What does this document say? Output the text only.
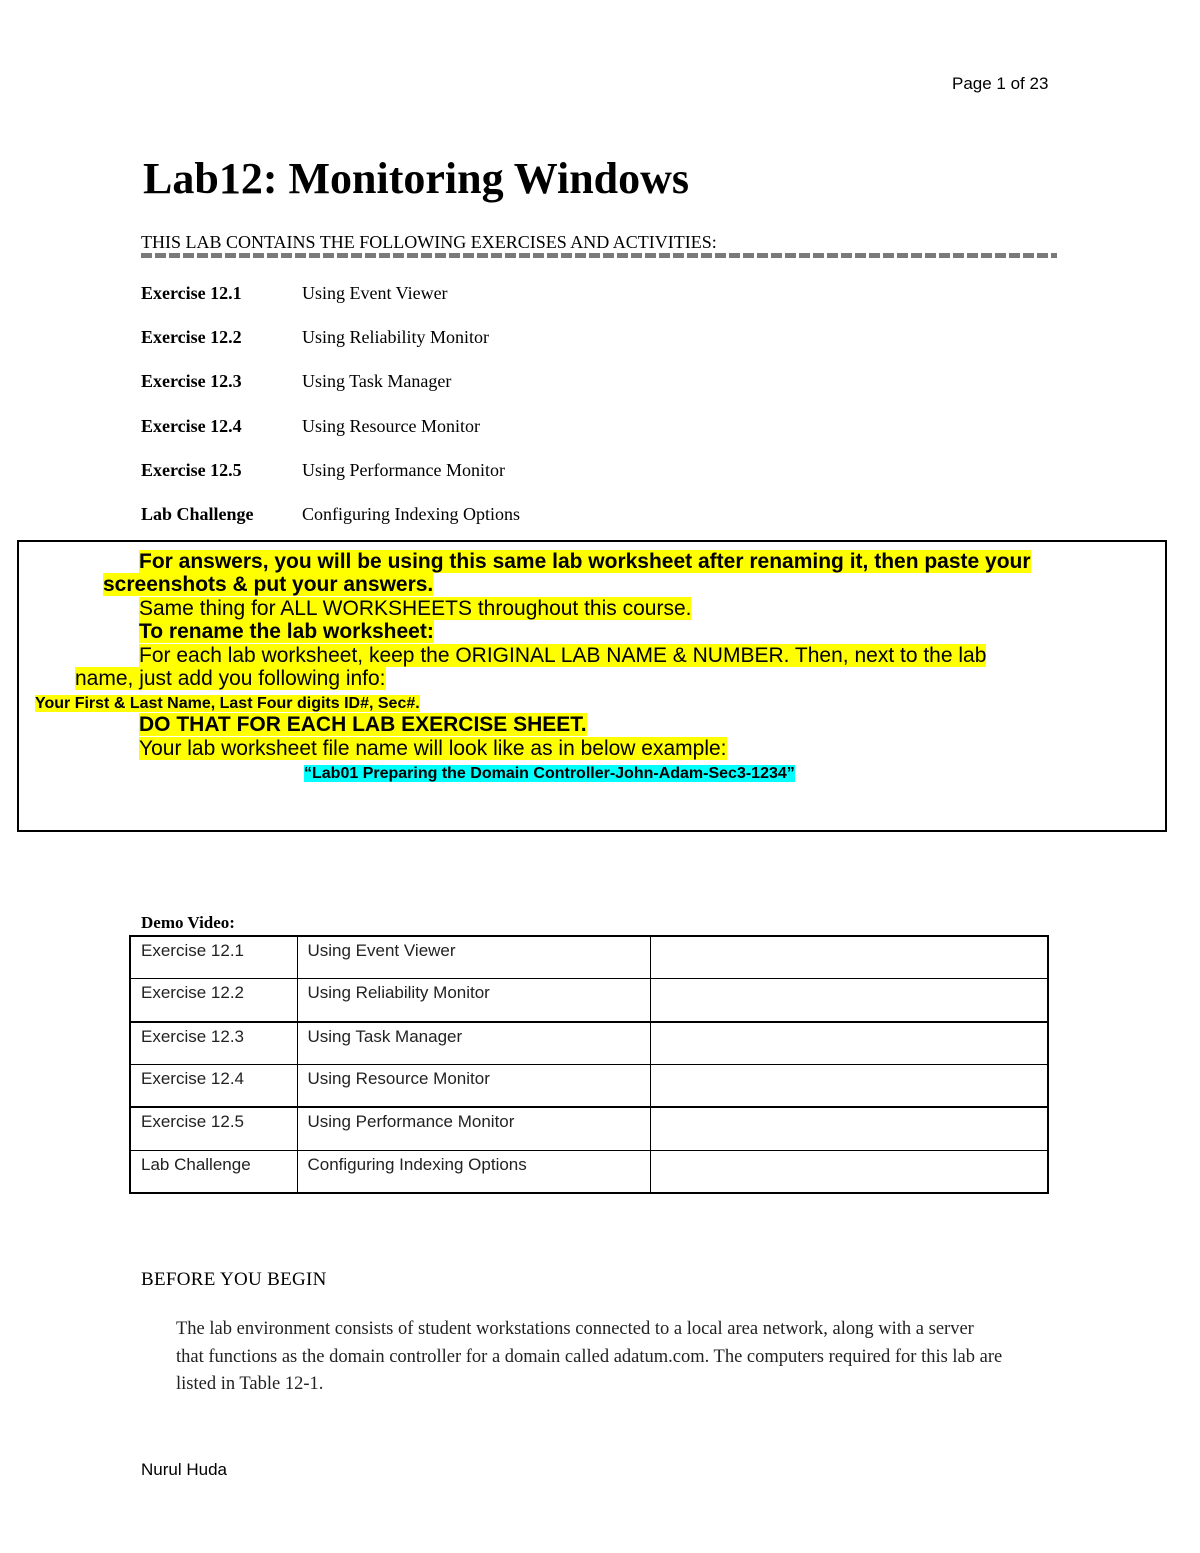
Page 1 of 23
Lab12: Monitoring Windows
THIS LAB CONTAINS THE FOLLOWING EXERCISES AND ACTIVITIES:
Exercise 12.1	Using Event Viewer
Exercise 12.2	Using Reliability Monitor
Exercise 12.3	Using Task Manager
Exercise 12.4	Using Resource Monitor
Exercise 12.5	Using Performance Monitor
Lab Challenge	Configuring Indexing Options
For answers, you will be using this same lab worksheet after renaming it, then paste your
screenshots & put your answers.
Same thing for ALL WORKSHEETS throughout this course.
To rename the lab worksheet:
For each lab worksheet, keep the ORIGINAL LAB NAME & NUMBER. Then, next to the lab
name, just add you following info:
Your First & Last Name, Last Four digits ID#, Sec#.
DO THAT FOR EACH LAB EXERCISE SHEET.
Your lab worksheet file name will look like as in below example:
“Lab01 Preparing the Domain Controller-John-Adam-Sec3-1234”
Demo Video:
Exercise 12.1	Using Event Viewer	
Exercise 12.2	Using Reliability Monitor	
Exercise 12.3	Using Task Manager	
Exercise 12.4	Using Resource Monitor	
Exercise 12.5	Using Performance Monitor	
Lab Challenge	Configuring Indexing Options	
BEFORE YOU BEGIN
The lab environment consists of student workstations connected to a local area network, along with a server that functions as the domain controller for a domain called adatum.com. The computers required for this lab are listed in Table 12-1.
Nurul Huda
